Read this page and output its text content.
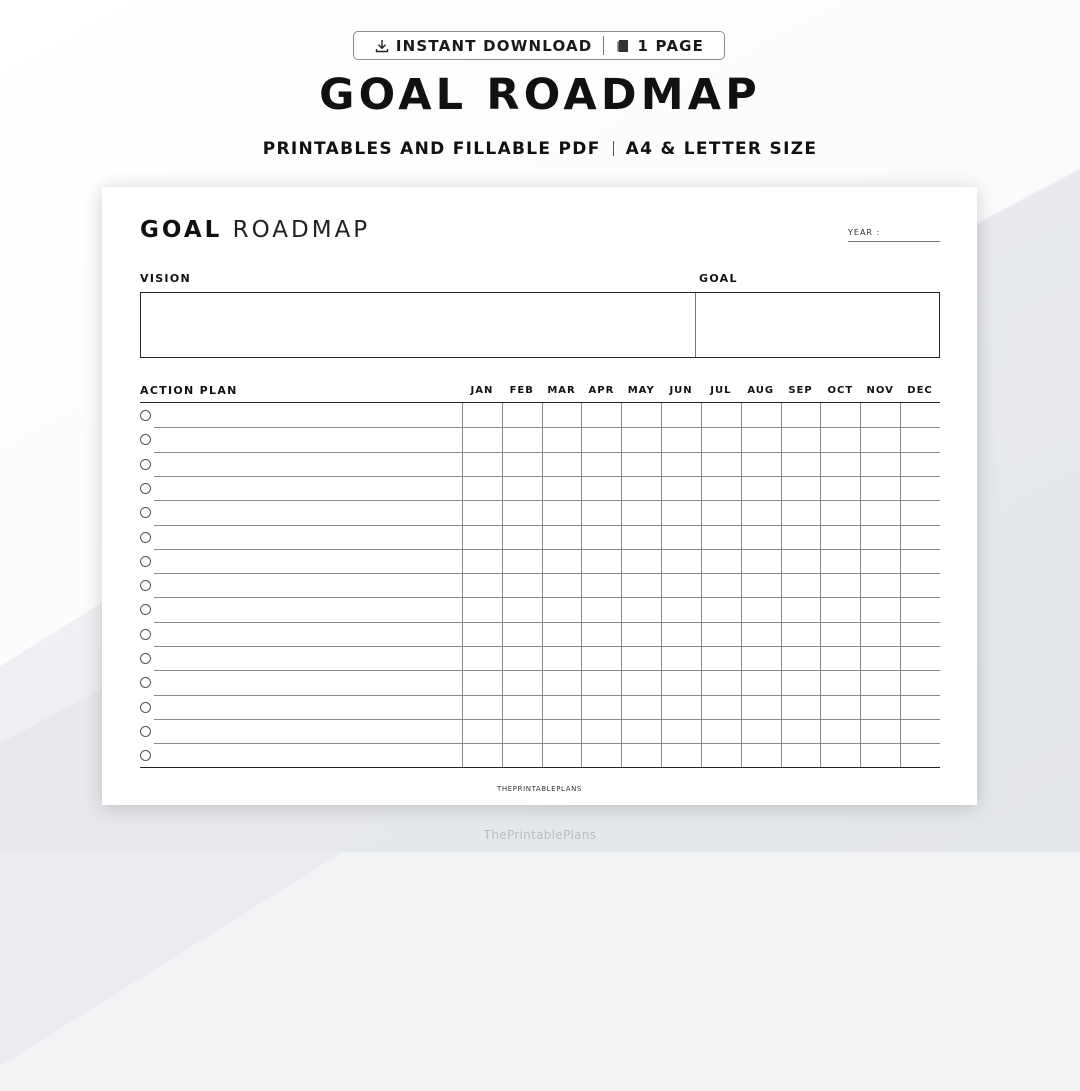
INSTANT DOWNLOAD	1 PAGE
GOAL ROADMAP
PRINTABLES AND FILLABLE PDF A4 & LETTER SIZE
GOAL ROADMAP	YEAR :
VISION	GOAL
ACTION PLAN	JAN	FEB	MAR	APR	MAY	JUN	JUL	AUG	SEP	OCT	NOV	DEC
THEPRINTABLEPLANS
ThePrintablePlans
